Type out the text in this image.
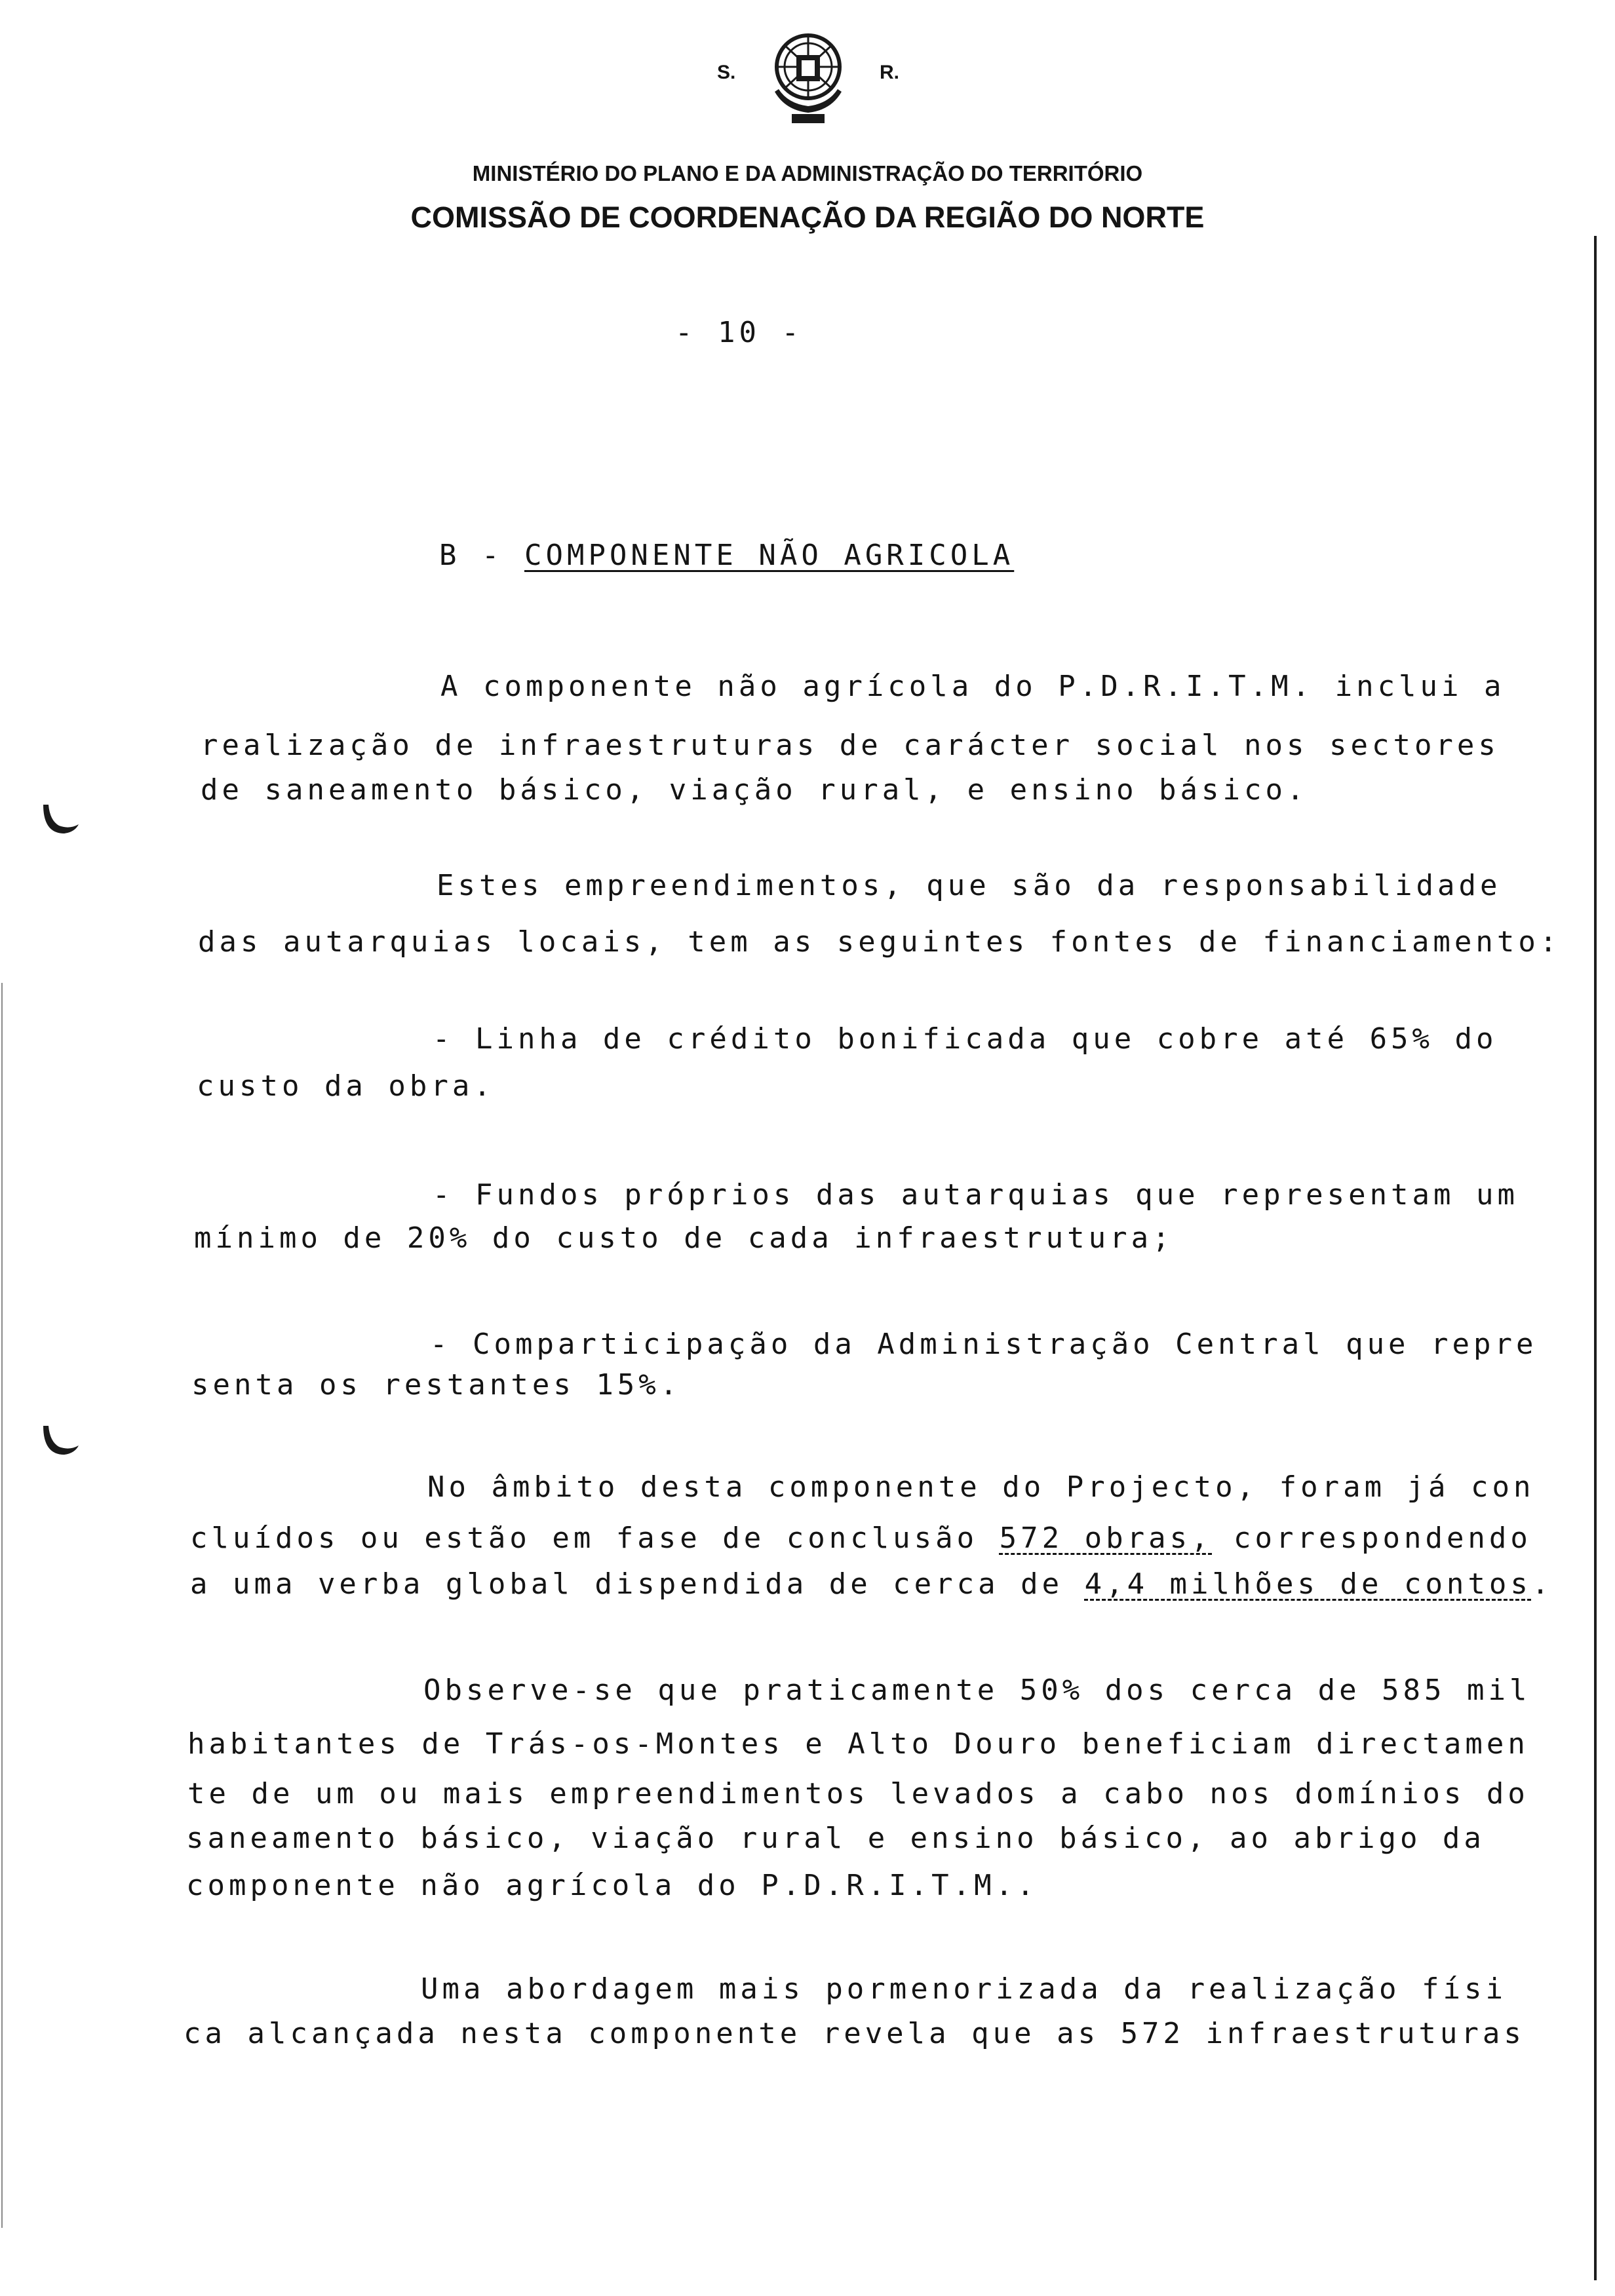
S.	R.
MINISTÉRIO DO PLANO E DA ADMINISTRAÇÃO DO TERRITÓRIO
COMISSÃO DE COORDENAÇÃO DA REGIÃO DO NORTE
- 10 -
B - COMPONENTE NÃO AGRICOLA

A componente não agrícola do P.D.R.I.T.M. inclui a

realização de infraestruturas de carácter social nos sectores

de saneamento básico, viação rural, e ensino básico.

Estes empreendimentos, que são da responsabilidade

das autarquias locais, tem as seguintes fontes de financiamento:

- Linha de crédito bonificada que cobre até 65% do

custo da obra.

- Fundos próprios das autarquias que representam um

mínimo de 20% do custo de cada infraestrutura;

- Comparticipação da Administração Central que repre

senta os restantes 15%.

No âmbito desta componente do Projecto, foram já con

cluídos ou estão em fase de conclusão 572 obras, correspondendo

a uma verba global dispendida de cerca de 4,4 milhões de contos.

Observe-se que praticamente 50% dos cerca de 585 mil

habitantes de Trás-os-Montes e Alto Douro beneficiam directamen

te de um ou mais empreendimentos levados a cabo nos domínios do

saneamento básico, viação rural e ensino básico, ao abrigo da

componente não agrícola do P.D.R.I.T.M..

Uma abordagem mais pormenorizada da realização físi

ca alcançada nesta componente revela que as 572 infraestruturas
